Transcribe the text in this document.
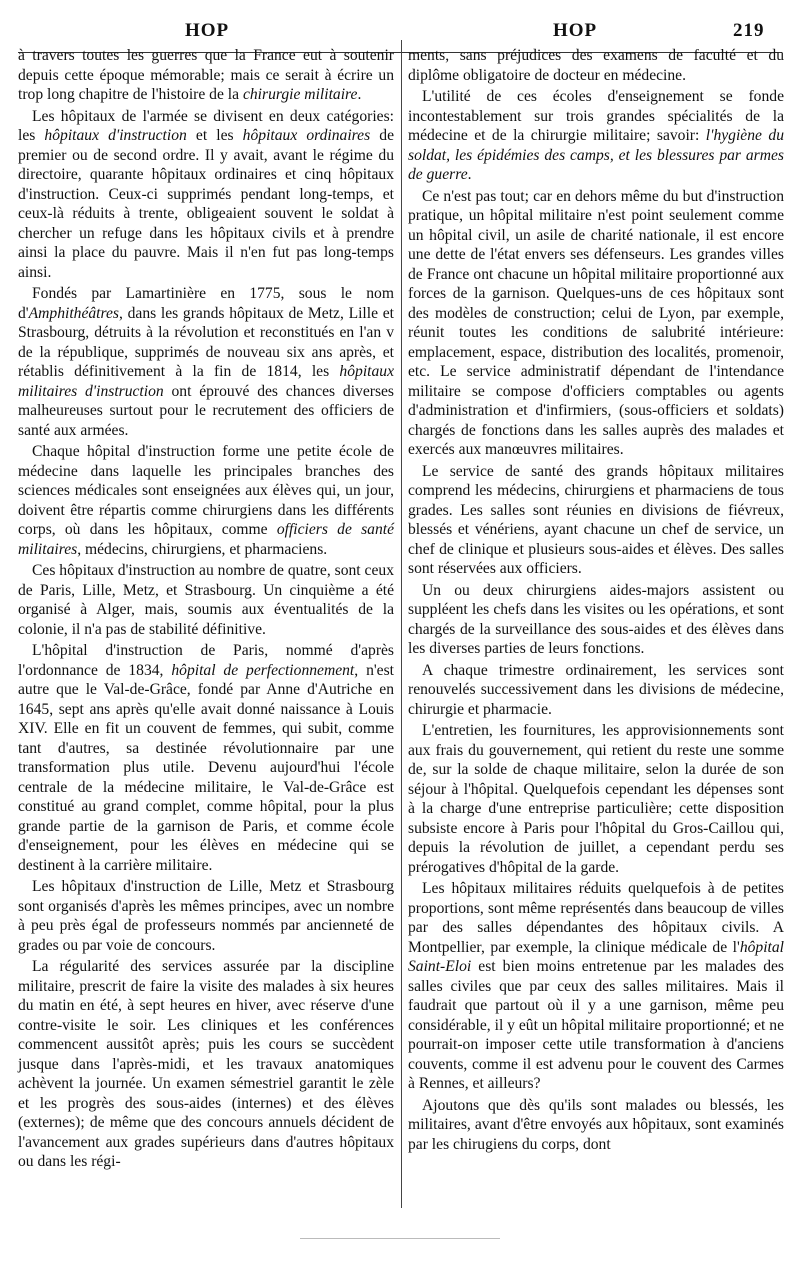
HOP	HOP	219

à travers toutes les guerres que la France eut à soutenir depuis cette époque mémorable; mais ce serait à écrire un trop long chapitre de l'histoire de la chirurgie militaire.

Les hôpitaux de l'armée se divisent en deux catégories: les hôpitaux d'instruction et les hôpitaux ordinaires de premier ou de second ordre. Il y avait, avant le régime du directoire, quarante hôpitaux ordinaires et cinq hôpitaux d'instruction. Ceux-ci supprimés pendant long-temps, et ceux-là réduits à trente, obligeaient souvent le soldat à chercher un refuge dans les hôpitaux civils et à prendre ainsi la place du pauvre. Mais il n'en fut pas long-temps ainsi.

Fondés par Lamartinière en 1775, sous le nom d'Amphithéâtres, dans les grands hôpitaux de Metz, Lille et Strasbourg, détruits à la révolution et reconstitués en l'an v de la république, supprimés de nouveau six ans après, et rétablis définitivement à la fin de 1814, les hôpitaux militaires d'instruction ont éprouvé des chances diverses malheureuses surtout pour le recrutement des officiers de santé aux armées.

Chaque hôpital d'instruction forme une petite école de médecine dans laquelle les principales branches des sciences médicales sont enseignées aux élèves qui, un jour, doivent être répartis comme chirurgiens dans les différents corps, où dans les hôpitaux, comme officiers de santé militaires, médecins, chirurgiens, et pharmaciens.

Ces hôpitaux d'instruction au nombre de quatre, sont ceux de Paris, Lille, Metz, et Strasbourg. Un cinquième a été organisé à Alger, mais, soumis aux éventualités de la colonie, il n'a pas de stabilité définitive.

L'hôpital d'instruction de Paris, nommé d'après l'ordonnance de 1834, hôpital de perfectionnement, n'est autre que le Val-de-Grâce, fondé par Anne d'Autriche en 1645, sept ans après qu'elle avait donné naissance à Louis XIV. Elle en fit un couvent de femmes, qui subit, comme tant d'autres, sa destinée révolutionnaire par une transformation plus utile. Devenu aujourd'hui l'école centrale de la médecine militaire, le Val-de-Grâce est constitué au grand complet, comme hôpital, pour la plus grande partie de la garnison de Paris, et comme école d'enseignement, pour les élèves en médecine qui se destinent à la carrière militaire.

Les hôpitaux d'instruction de Lille, Metz et Strasbourg sont organisés d'après les mêmes principes, avec un nombre à peu près égal de professeurs nommés par ancienneté de grades ou par voie de concours.

La régularité des services assurée par la discipline militaire, prescrit de faire la visite des malades à six heures du matin en été, à sept heures en hiver, avec réserve d'une contre-visite le soir. Les cliniques et les conférences commencent aussitôt après; puis les cours se succèdent jusque dans l'après-midi, et les travaux anatomiques achèvent la journée. Un examen sémestriel garantit le zèle et les progrès des sous-aides (internes) et des élèves (externes); de même que des concours annuels décident de l'avancement aux grades supérieurs dans d'autres hôpitaux ou dans les régi-

ments, sans préjudices des examens de faculté et du diplôme obligatoire de docteur en médecine.

L'utilité de ces écoles d'enseignement se fonde incontestablement sur trois grandes spécialités de la médecine et de la chirurgie militaire; savoir: l'hygiène du soldat, les épidémies des camps, et les blessures par armes de guerre.

Ce n'est pas tout; car en dehors même du but d'instruction pratique, un hôpital militaire n'est point seulement comme un hôpital civil, un asile de charité nationale, il est encore une dette de l'état envers ses défenseurs. Les grandes villes de France ont chacune un hôpital militaire proportionné aux forces de la garnison. Quelques-uns de ces hôpitaux sont des modèles de construction; celui de Lyon, par exemple, réunit toutes les conditions de salubrité intérieure: emplacement, espace, distribution des localités, promenoir, etc. Le service administratif dépendant de l'intendance militaire se compose d'officiers comptables ou agents d'administration et d'infirmiers, (sous-officiers et soldats) chargés de fonctions dans les salles auprès des malades et exercés aux manœuvres militaires.

Le service de santé des grands hôpitaux militaires comprend les médecins, chirurgiens et pharmaciens de tous grades. Les salles sont réunies en divisions de fiévreux, blessés et vénériens, ayant chacune un chef de service, un chef de clinique et plusieurs sous-aides et élèves. Des salles sont réservées aux officiers.

Un ou deux chirurgiens aides-majors assistent ou suppléent les chefs dans les visites ou les opérations, et sont chargés de la surveillance des sous-aides et des élèves dans les diverses parties de leurs fonctions.

A chaque trimestre ordinairement, les services sont renouvelés successivement dans les divisions de médecine, chirurgie et pharmacie.

L'entretien, les fournitures, les approvisionnements sont aux frais du gouvernement, qui retient du reste une somme de, sur la solde de chaque militaire, selon la durée de son séjour à l'hôpital. Quelquefois cependant les dépenses sont à la charge d'une entreprise particulière; cette disposition subsiste encore à Paris pour l'hôpital du Gros-Caillou qui, depuis la révolution de juillet, a cependant perdu ses prérogatives d'hôpital de la garde.

Les hôpitaux militaires réduits quelquefois à de petites proportions, sont même représentés dans beaucoup de villes par des salles dépendantes des hôpitaux civils. A Montpellier, par exemple, la clinique médicale de l'hôpital Saint-Eloi est bien moins entretenue par les malades des salles civiles que par ceux des salles militaires. Mais il faudrait que partout où il y a une garnison, même peu considérable, il y eût un hôpital militaire proportionné; et ne pourrait-on imposer cette utile transformation à d'anciens couvents, comme il est advenu pour le couvent des Carmes à Rennes, et ailleurs?

Ajoutons que dès qu'ils sont malades ou blessés, les militaires, avant d'être envoyés aux hôpitaux, sont examinés par les chirugiens du corps, dont
